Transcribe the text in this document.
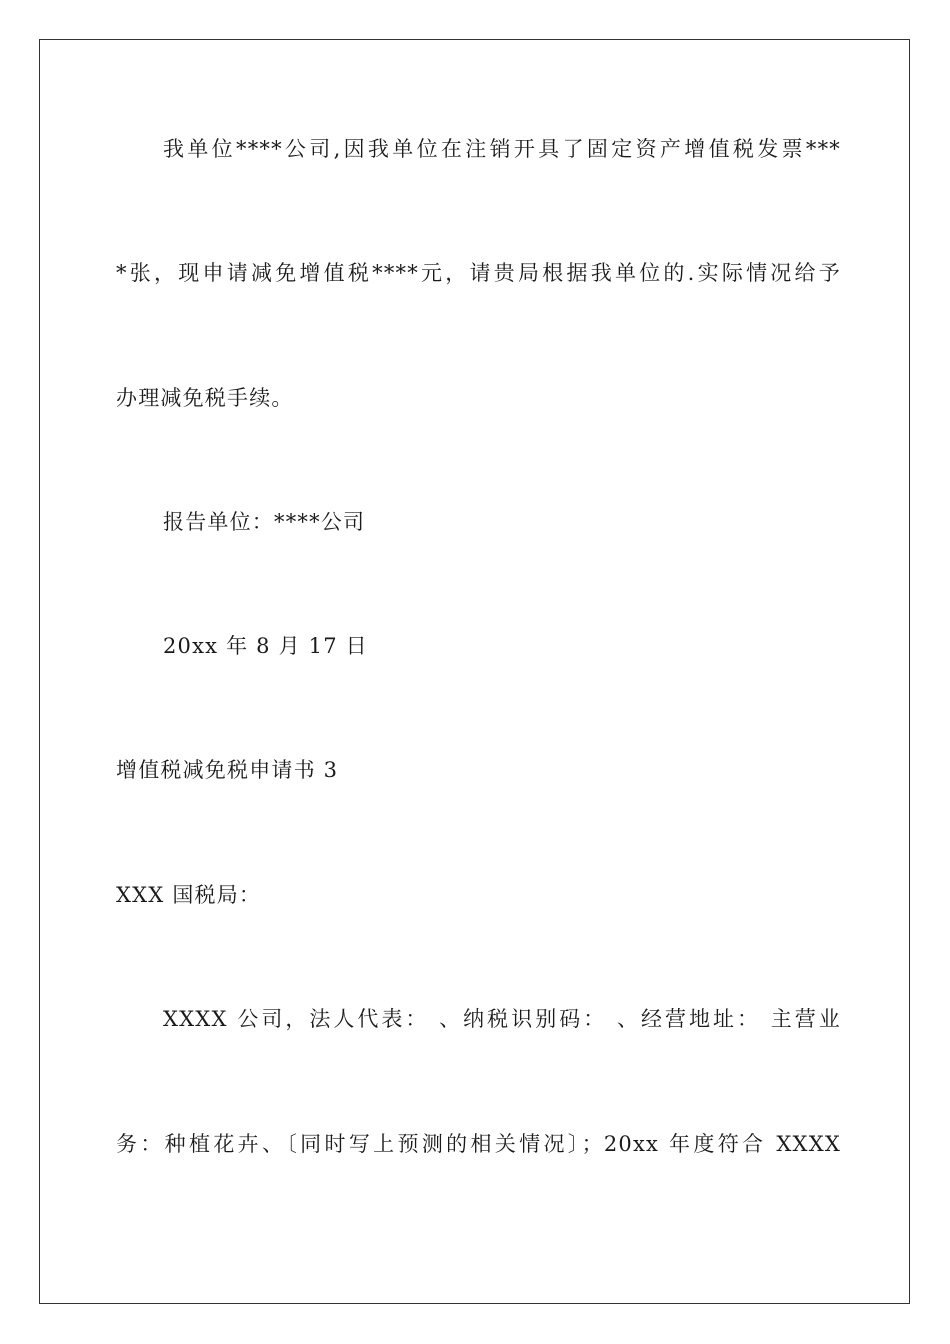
我单位****公司,因我单位在注销开具了固定资产增值税发票***
*张，现申请减免增值税****元，请贵局根据我单位的.实际情况给予
办理减免税手续。
报告单位：****公司
20xx 年 8 月 17 日
增值税减免税申请书 3
XXX 国税局：
XXXX 公司，法人代表： 、纳税识别码： 、经营地址： 主营业
务：种植花卉、〔同时写上预测的相关情况〕；20xx 年度符合 XXXX
